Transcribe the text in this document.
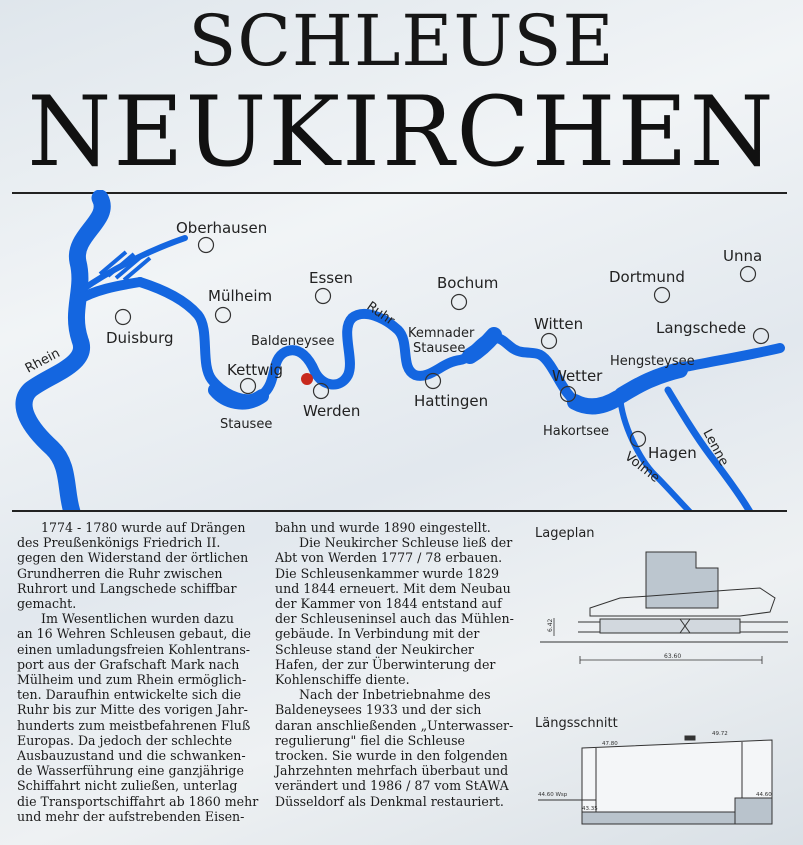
SCHLEUSE
NEUKIRCHEN
Oberhausen
Essen	Bochum	Dortmund
Unna
Mülheim
Duisburg
Witten	Langschede
Kemnader Stausee
Baldeneysee
Kettwig
Werden
Stausee
Hattingen
Wetter
Hengsteysee
Hakortsee
Hagen Lenne
Volme
Ruhr
Rhein

1774 - 1780 wurde auf Drängen

des Preußenkönigs Friedrich II.

gegen den Widerstand der örtlichen

Grundherren die Ruhr zwischen

Ruhrort und Langschede schiffbar

gemacht.

Im Wesentlichen wurden dazu

an 16 Wehren Schleusen gebaut, die

einen umladungsfreien Kohlentrans-

port aus der Grafschaft Mark nach

Mülheim und zum Rhein ermöglich-

ten. Daraufhin entwickelte sich die

Ruhr bis zur Mitte des vorigen Jahr-

hunderts zum meistbefahrenen Fluß

Europas. Da jedoch der schlechte

Ausbauzustand und die schwanken-

de Wasserführung eine ganzjährige

Schiffahrt nicht zuließen, unterlag

die Transportschiffahrt ab 1860 mehr

und mehr der aufstrebenden Eisen-

bahn und wurde 1890 eingestellt.

Die Neukircher Schleuse ließ der

Abt von Werden 1777 / 78 erbauen.

Die Schleusenkammer wurde 1829

und 1844 erneuert. Mit dem Neubau

der Kammer von 1844 entstand auf

der Schleuseninsel auch das Mühlen-

gebäude. In Verbindung mit der

Schleuse stand der Neukircher

Hafen, der zur Überwinterung der

Kohlenschiffe diente.

Nach der Inbetriebnahme des

Baldeneysees 1933 und der sich

daran anschließenden „Unterwasser-

regulierung" fiel die Schleuse

trocken. Sie wurde in den folgenden

Jahrzehnten mehrfach überbaut und

verändert und 1986 / 87 vom StAWA

Düsseldorf als Denkmal restauriert.

Lageplan
63.60
6.42
Längsschnitt
47.80
49.72
44.60 Wsp
43.35
44.60
